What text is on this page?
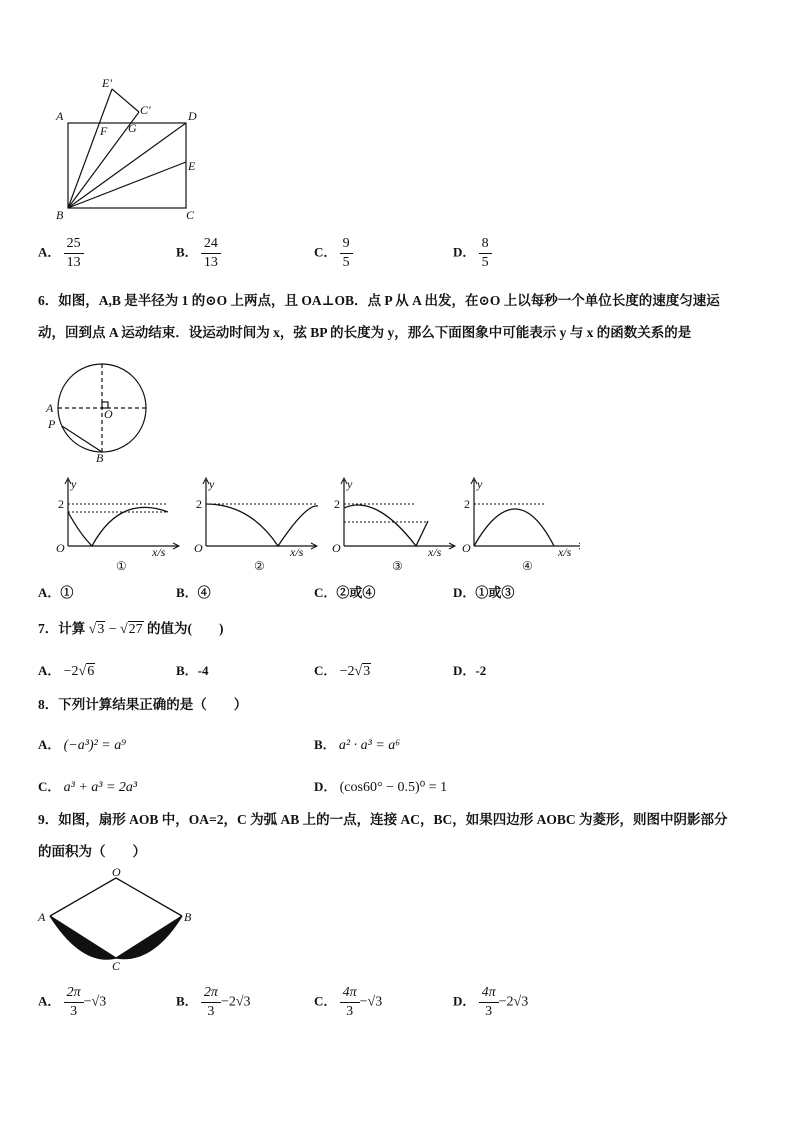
A
B	C
D
E
F G
C′
E′
A． $\frac{25}{13}$	B． $\frac{24}{13}$	C． $\frac{9}{5}$	D． $\frac{8}{5}$
6．如图，A,B 是半径为 1 的⊙O 上两点，且 OA⊥OB．点 P 从 A 出发，在⊙O 上以每秒一个单位长度的速度匀速运
动，回到点 A 运动结束．设运动时间为 x，弦 BP 的长度为 y，那么下面图象中可能表示 y 与 x 的函数关系的是
A	O
P
B
y
2
O	x/s
①
y
2
O	x/s
②
y
2
O	x/s
③
y
2
O	x/s
④
A．①	B．④	C．②或④	D．①或③
7．计算 √3 − √27 的值为(　　)
A． −2√6	B．-4	C． −2√3	D．-2
8．下列计算结果正确的是（　　）
A． (−a³)² = a⁹	B． a² · a³ = a⁶
C． a³ + a³ = 2a³	D． (cos60° − 0.5)⁰ = 1
9．如图，扇形 AOB 中，OA=2，C 为弧 AB 上的一点，连接 AC，BC，如果四边形 AOBC 为菱形，则图中阴影部分
的面积为（　　）
O
A	B
C
A． $\frac{2\pi}{3} -√3$	B． $\frac{2\pi}{3} -2√3$	C． $\frac{4\pi}{3} -√3$	D． $\frac{4\pi}{3} -2√3$
